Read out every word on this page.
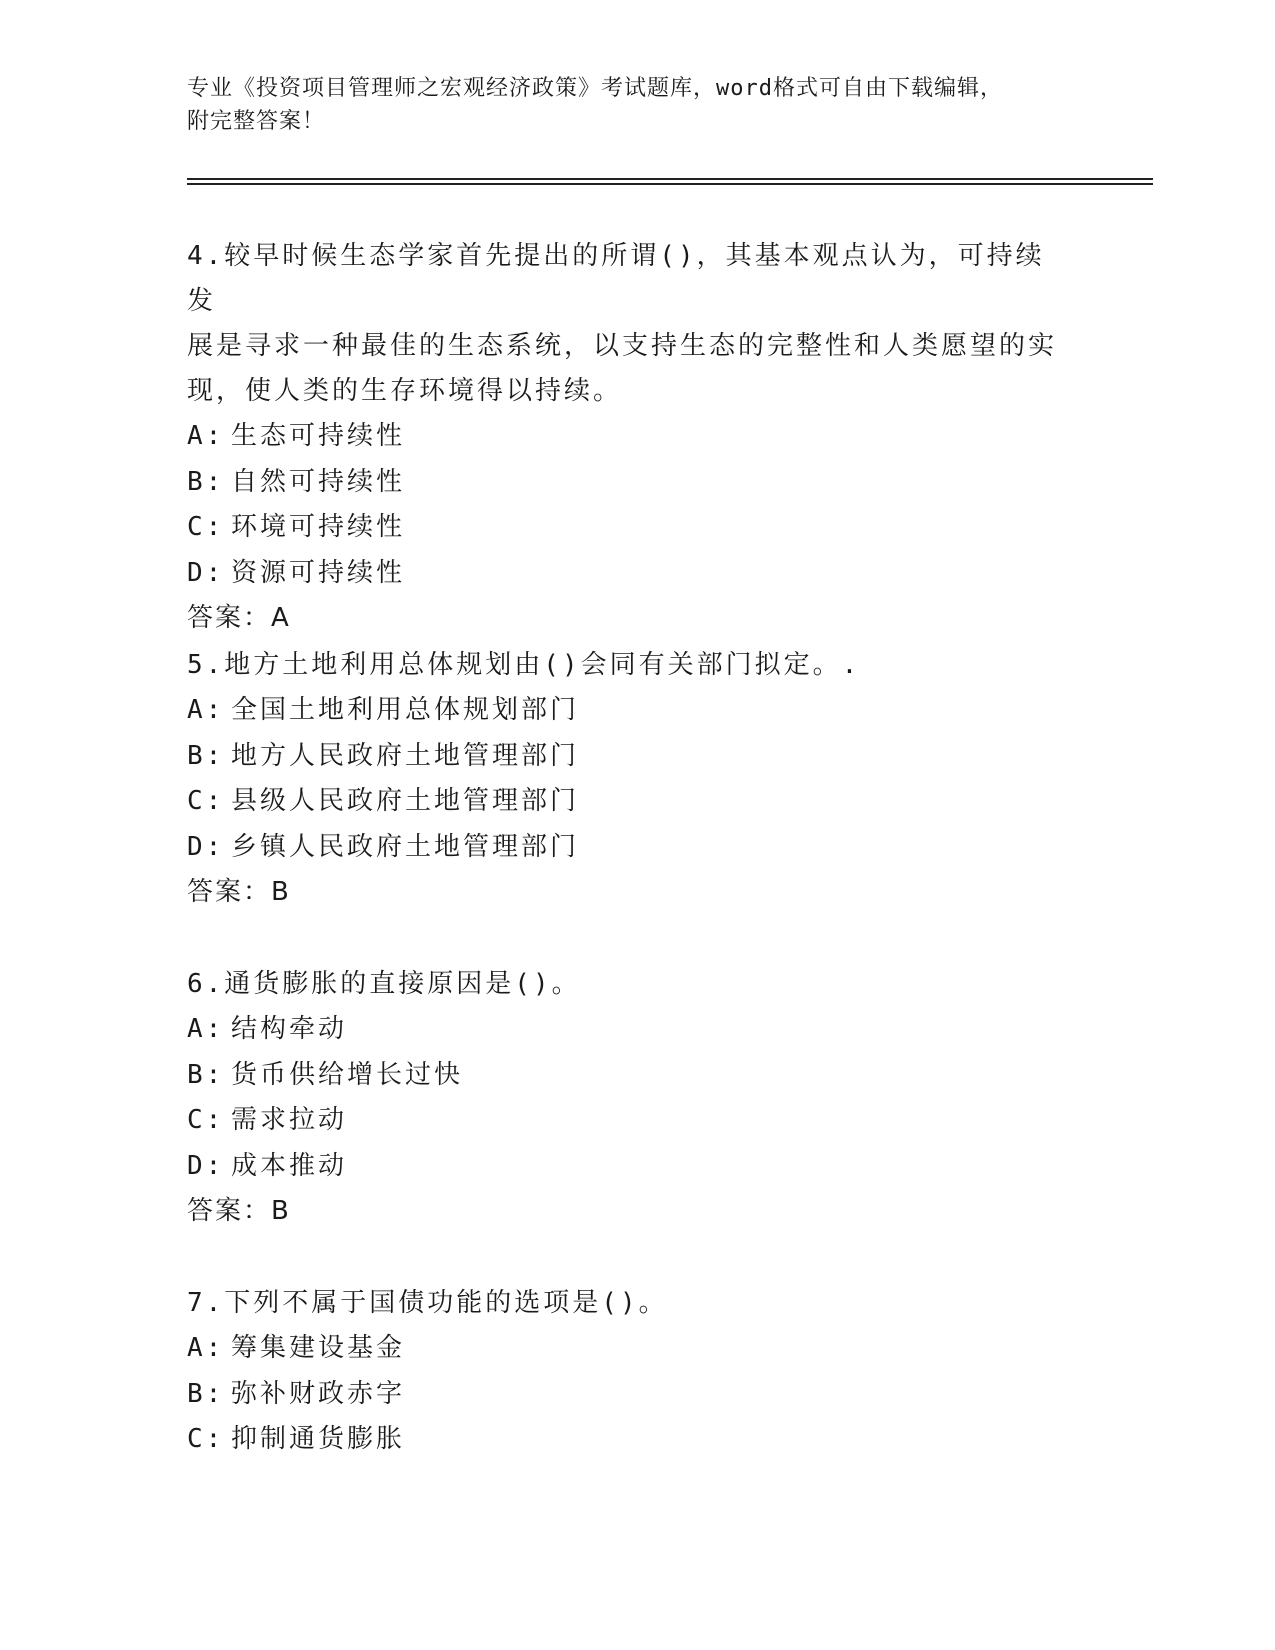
专业《投资项目管理师之宏观经济政策》考试题库，word格式可自由下载编辑，
附完整答案！

4.较早时候生态学家首先提出的所谓()，其基本观点认为，可持续发

展是寻求一种最佳的生态系统，以支持生态的完整性和人类愿望的实

现，使人类的生存环境得以持续。

A: 生态可持续性

B: 自然可持续性

C: 环境可持续性

D: 资源可持续性

答案：A

5.地方土地利用总体规划由()会同有关部门拟定。.

A: 全国土地利用总体规划部门

B: 地方人民政府土地管理部门

C: 县级人民政府土地管理部门

D: 乡镇人民政府土地管理部门

答案：B

6.通货膨胀的直接原因是()。

A: 结构牵动

B: 货币供给增长过快

C: 需求拉动

D: 成本推动

答案：B

7.下列不属于国债功能的选项是()。

A: 筹集建设基金

B: 弥补财政赤字

C: 抑制通货膨胀
